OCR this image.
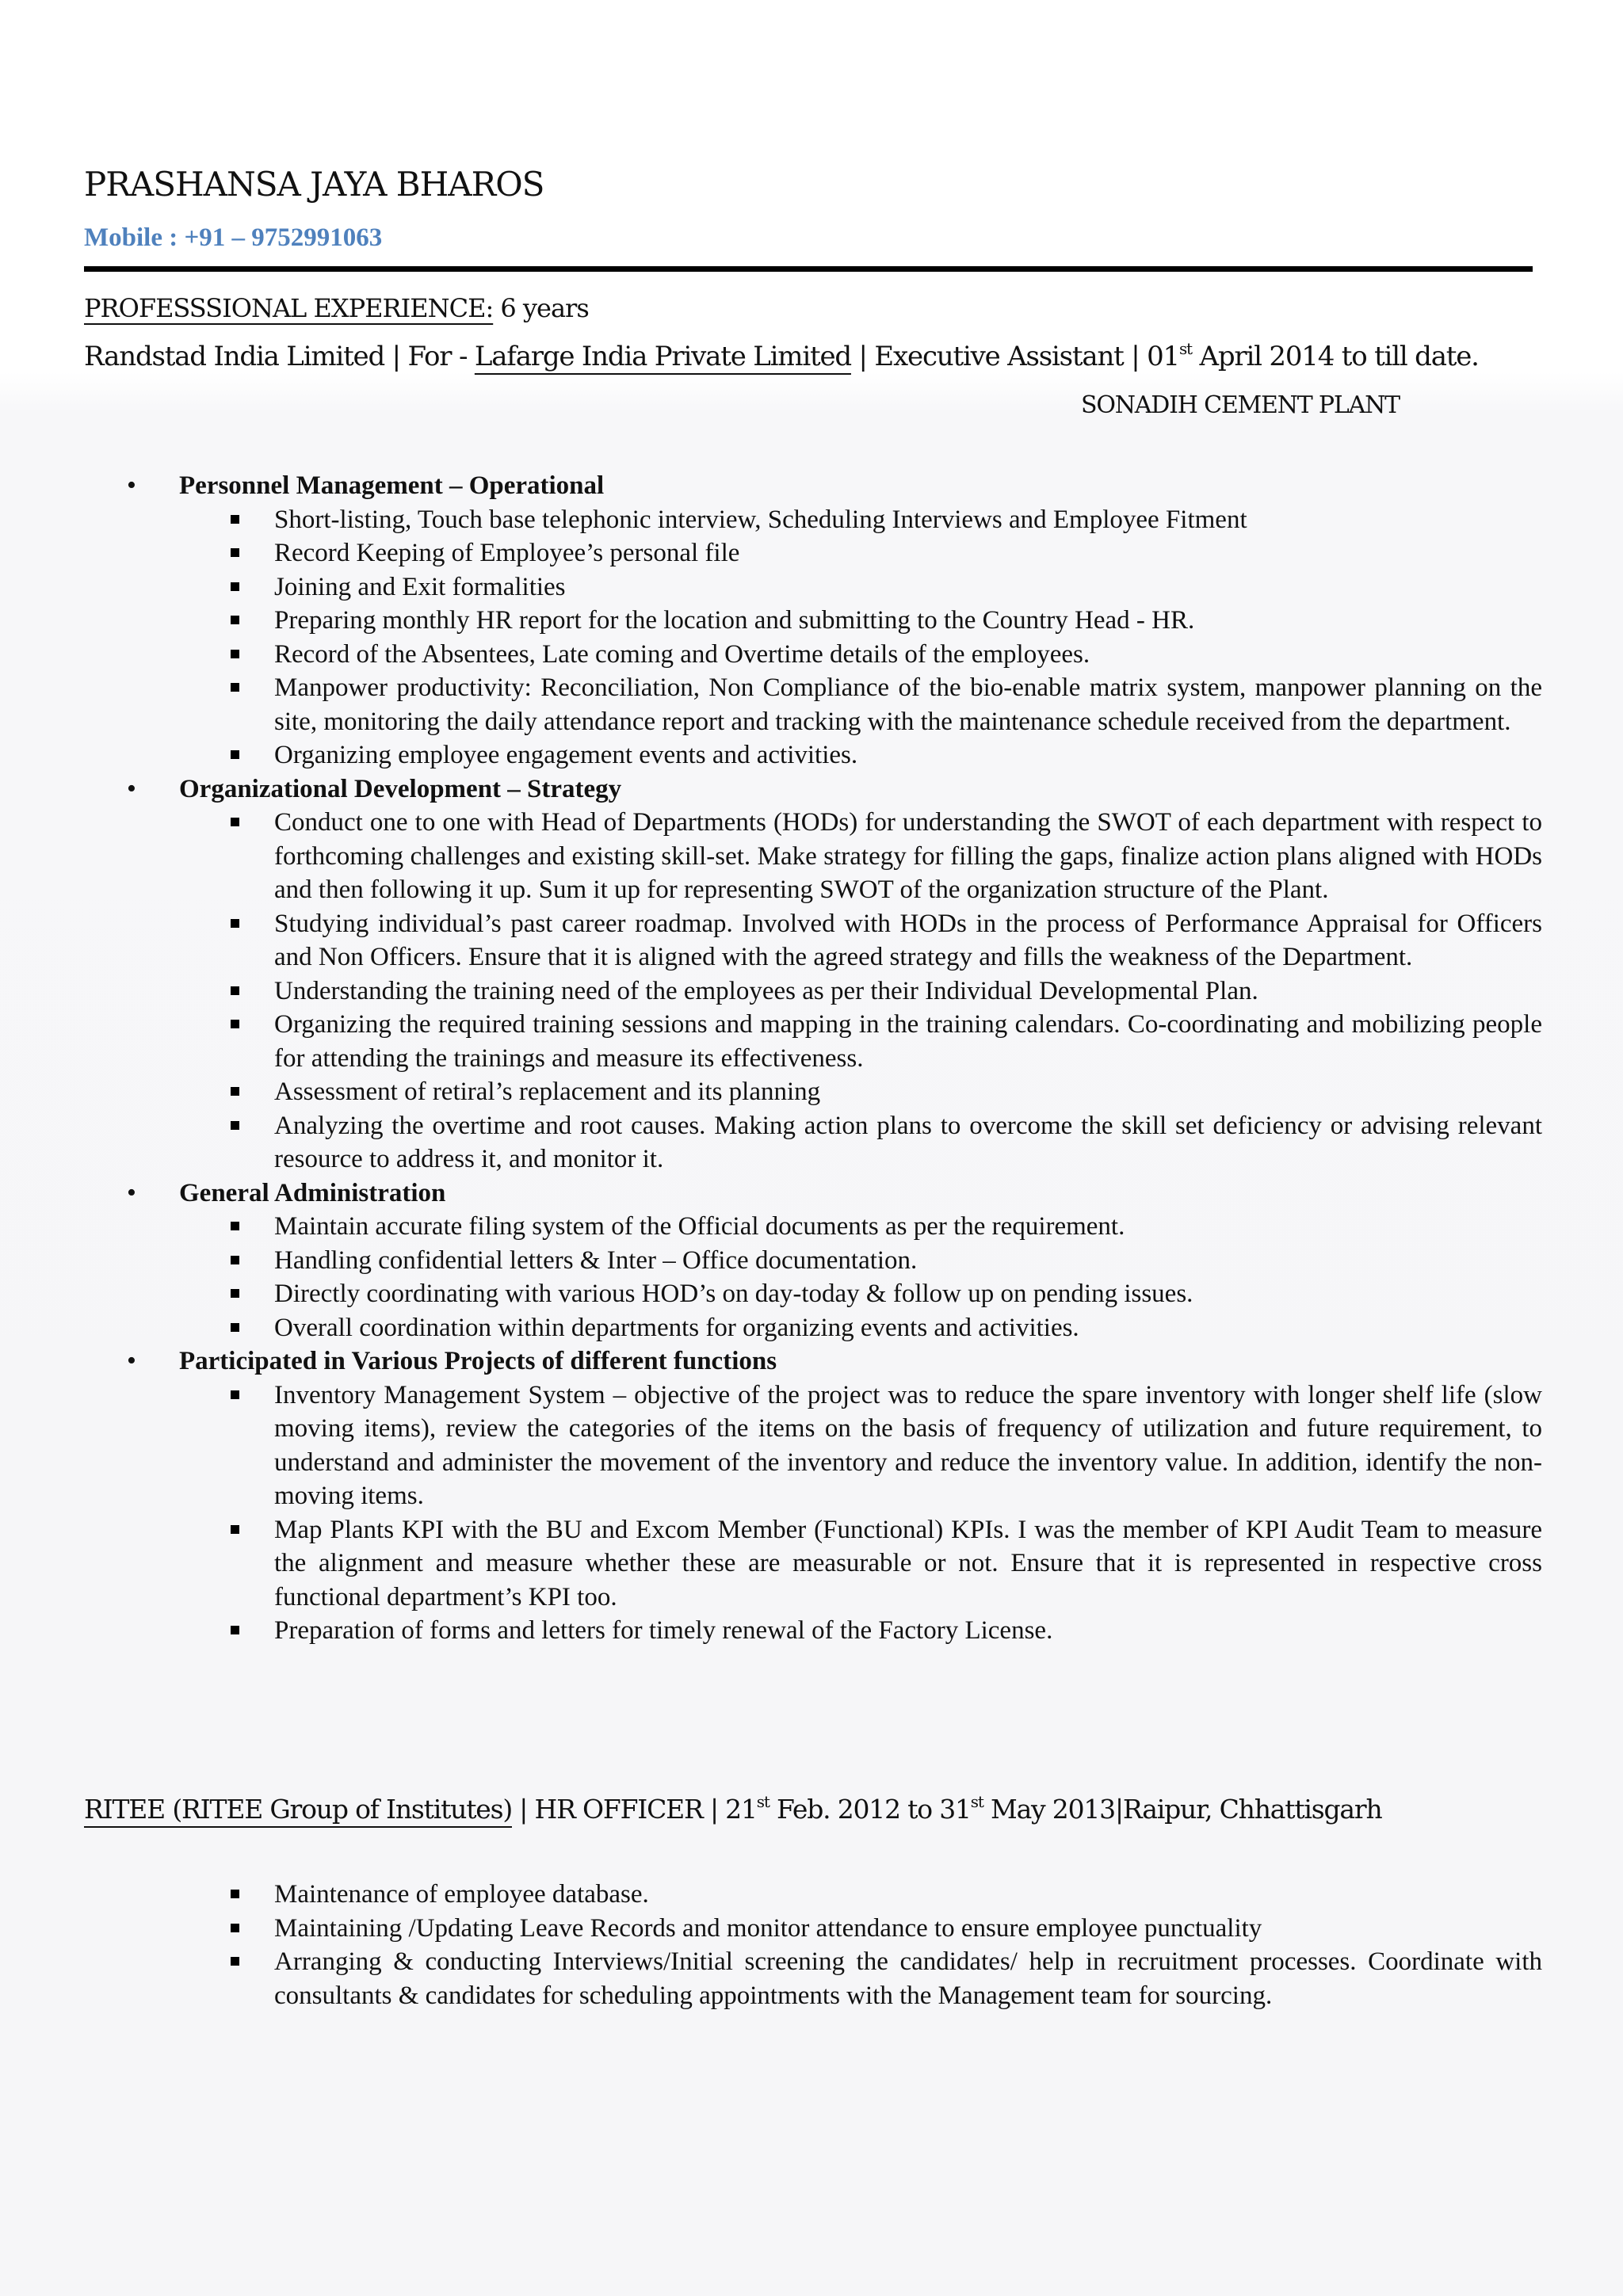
PRASHANSA JAYA BHAROS
Mobile : +91 – 9752991063
PROFESSSIONAL EXPERIENCE: 6 years
Randstad India Limited | For - Lafarge India Private Limited | Executive Assistant | 01st April 2014 to till date.
SONADIH CEMENT PLANT
• Personnel Management – Operational
Short-listing, Touch base telephonic interview, Scheduling Interviews and Employee Fitment
Record Keeping of Employee’s personal file
Joining and Exit formalities
Preparing monthly HR report for the location and submitting to the Country Head - HR.
Record of the Absentees, Late coming and Overtime details of the employees.
Manpower productivity: Reconciliation, Non Compliance of the bio-enable matrix system, manpower planning on the site, monitoring the daily attendance report and tracking with the maintenance schedule received from the department.
Organizing employee engagement events and activities.
• Organizational Development – Strategy
Conduct one to one with Head of Departments (HODs) for understanding the SWOT of each department with respect to forthcoming challenges and existing skill-set. Make strategy for filling the gaps, finalize action plans aligned with HODs and then following it up. Sum it up for representing SWOT of the organization structure of the Plant.
Studying individual’s past career roadmap. Involved with HODs in the process of Performance Appraisal for Officers and Non Officers. Ensure that it is aligned with the agreed strategy and fills the weakness of the Department.
Understanding the training need of the employees as per their Individual Developmental Plan.
Organizing the required training sessions and mapping in the training calendars. Co-coordinating and mobilizing people for attending the trainings and measure its effectiveness.
Assessment of retiral’s replacement and its planning
Analyzing the overtime and root causes. Making action plans to overcome the skill set deficiency or advising relevant resource to address it, and monitor it.
• General Administration
Maintain accurate filing system of the Official documents as per the requirement.
Handling confidential letters & Inter – Office documentation.
Directly coordinating with various HOD’s on day-today & follow up on pending issues.
Overall coordination within departments for organizing events and activities.
• Participated in Various Projects of different functions
Inventory Management System – objective of the project was to reduce the spare inventory with longer shelf life (slow moving items), review the categories of the items on the basis of frequency of utilization and future requirement, to understand and administer the movement of the inventory and reduce the inventory value. In addition, identify the non-moving items.
Map Plants KPI with the BU and Excom Member (Functional) KPIs. I was the member of KPI Audit Team to measure the alignment and measure whether these are measurable or not. Ensure that it is represented in respective cross functional department’s KPI too.
Preparation of forms and letters for timely renewal of the Factory License.
RITEE (RITEE Group of Institutes) | HR OFFICER | 21st Feb. 2012 to 31st May 2013|Raipur, Chhattisgarh
Maintenance of employee database.
Maintaining /Updating Leave Records and monitor attendance to ensure employee punctuality
Arranging & conducting Interviews/Initial screening the candidates/ help in recruitment processes. Coordinate with consultants & candidates for scheduling appointments with the Management team for sourcing.
